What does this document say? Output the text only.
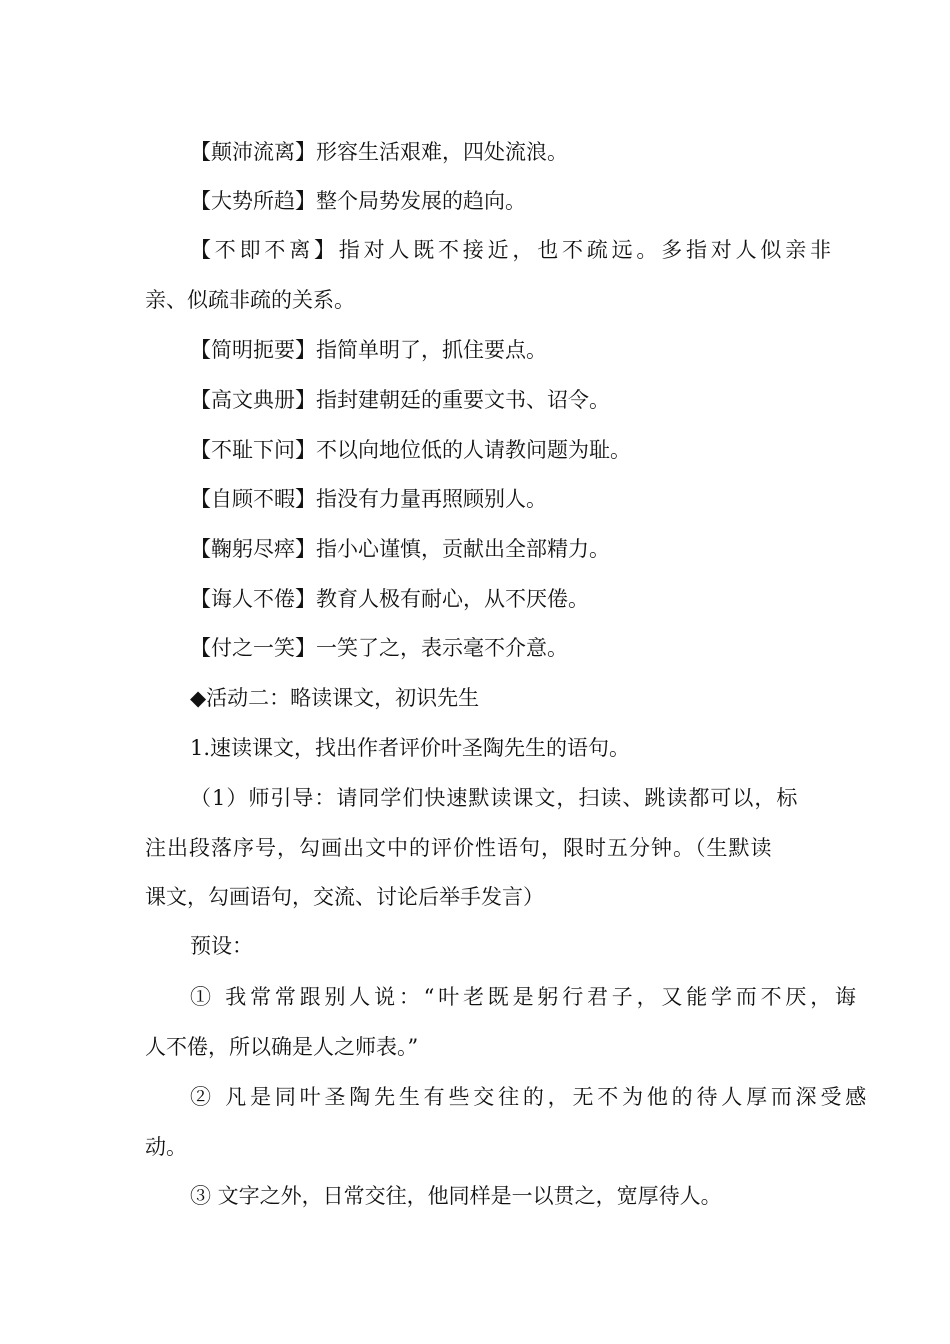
【颠沛流离】形容生活艰难，四处流浪。
【大势所趋】整个局势发展的趋向。
【不即不离】指对人既不接近，也不疏远。多指对人似亲非
亲、似疏非疏的关系。
【简明扼要】指简单明了，抓住要点。
【高文典册】指封建朝廷的重要文书、诏令。
【不耻下问】不以向地位低的人请教问题为耻。
【自顾不暇】指没有力量再照顾别人。
【鞠躬尽瘁】指小心谨慎，贡献出全部精力。
【诲人不倦】教育人极有耐心，从不厌倦。
【付之一笑】一笑了之，表示毫不介意。
◆活动二：略读课文，初识先生
1.速读课文，找出作者评价叶圣陶先生的语句。
（1）师引导：请同学们快速默读课文，扫读、跳读都可以，标
注出段落序号，勾画出文中的评价性语句，限时五分钟。（生默读
课文，勾画语句，交流、讨论后举手发言）
预设：
① 我常常跟别人说：“叶老既是躬行君子，又能学而不厌，诲
人不倦，所以确是人之师表。”
② 凡是同叶圣陶先生有些交往的，无不为他的待人厚而深受感
动。
③ 文字之外，日常交往，他同样是一以贯之，宽厚待人。
